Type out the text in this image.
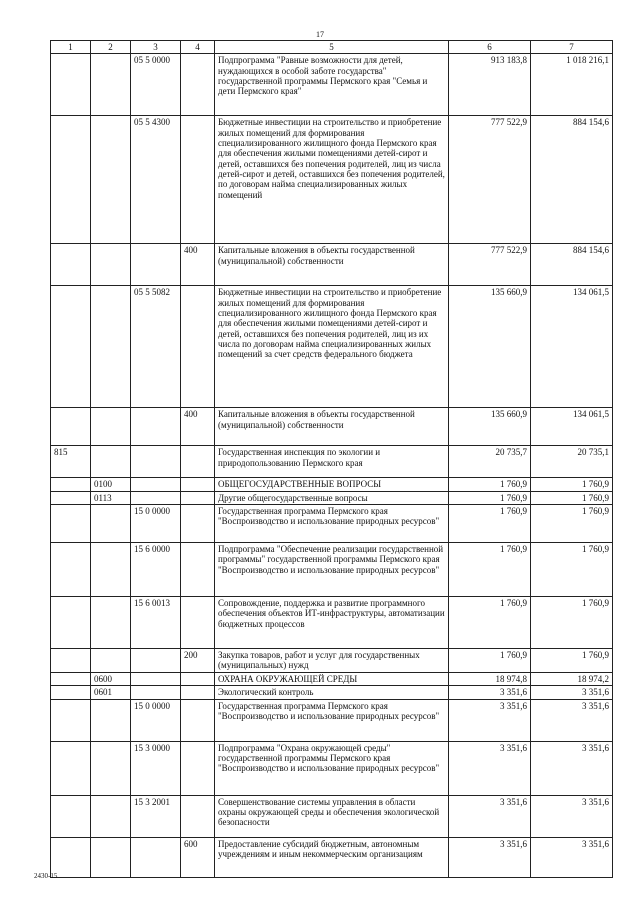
17
1	2	3	4	5	6	7
		05 5 0000		Подпрограмма "Равные возможности для детей, нуждающихся в особой заботе государства" государственной программы Пермского края "Семья и дети Пермского края"	913 183,8	1 018 216,1
		05 5 4300		Бюджетные инвестиции на строительство и приобретение жилых помещений для формирования специализированного жилищного фонда Пермского края для обеспечения жилыми помещениями детей-сирот и детей, оставшихся без попечения родителей, лиц из числа детей-сирот и детей, оставшихся без попечения родителей, по договорам найма специализированных жилых помещений	777 522,9	884 154,6
			400	Капитальные вложения в объекты государственной (муниципальной) собственности	777 522,9	884 154,6
		05 5 5082		Бюджетные инвестиции на строительство и приобретение жилых помещений для формирования специализированного жилищного фонда Пермского края для обеспечения жилыми помещениями детей-сирот и детей, оставшихся без попечения родителей, лиц из их числа по договорам найма специализированных жилых помещений за счет средств федерального бюджета	135 660,9	134 061,5
			400	Капитальные вложения в объекты государственной (муниципальной) собственности	135 660,9	134 061,5
815				Государственная инспекция по экологии и природопользованию Пермского края	20 735,7	20 735,1
	0100			ОБЩЕГОСУДАРСТВЕННЫЕ ВОПРОСЫ	1 760,9	1 760,9
	0113			Другие общегосударственные вопросы	1 760,9	1 760,9
		15 0 0000		Государственная программа Пермского края "Воспроизводство и использование природных ресурсов"	1 760,9	1 760,9
		15 6 0000		Подпрограмма "Обеспечение реализации государственной программы" государственной программы Пермского края "Воспроизводство и использование природных ресурсов"	1 760,9	1 760,9
		15 6 0013		Сопровождение, поддержка и развитие программного обеспечения объектов ИТ-инфраструктуры, автоматизации бюджетных процессов	1 760,9	1 760,9
			200	Закупка товаров, работ и услуг для государственных (муниципальных) нужд	1 760,9	1 760,9
	0600			ОХРАНА ОКРУЖАЮЩЕЙ СРЕДЫ	18 974,8	18 974,2
	0601			Экологический контроль	3 351,6	3 351,6
		15 0 0000		Государственная программа Пермского края "Воспроизводство и использование природных ресурсов"	3 351,6	3 351,6
		15 3 0000		Подпрограмма "Охрана окружающей среды" государственной программы Пермского края "Воспроизводство и использование природных ресурсов"	3 351,6	3 351,6
		15 3 2001		Совершенствование системы управления в области охраны окружающей среды и обеспечения экологической безопасности	3 351,6	3 351,6
			600	Предоставление субсидий бюджетным, автономным учреждениям и иным некоммерческим организациям	3 351,6	3 351,6
2430-15
